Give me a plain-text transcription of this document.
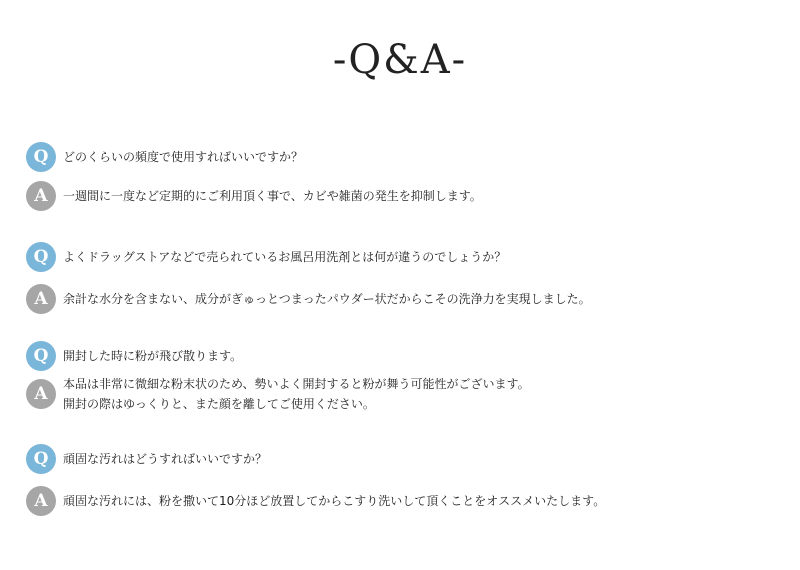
-Q&A-
Q	どのくらいの頻度で使用すればいいですか？
A	一週間に一度など定期的にご利用頂く事で、カビや雑菌の発生を抑制します。
Q	よくドラッグストアなどで売られているお風呂用洗剤とは何が違うのでしょうか？
A	余計な水分を含まない、成分がぎゅっとつまったパウダー状だからこその洗浄力を実現しました。
Q	開封した時に粉が飛び散ります。
A	本品は非常に微細な粉末状のため、勢いよく開封すると粉が舞う可能性がございます。
開封の際はゆっくりと、また顔を離してご使用ください。
Q	頑固な汚れはどうすればいいですか？
A	頑固な汚れには、粉を撒いて10分ほど放置してからこすり洗いして頂くことをオススメいたします。
